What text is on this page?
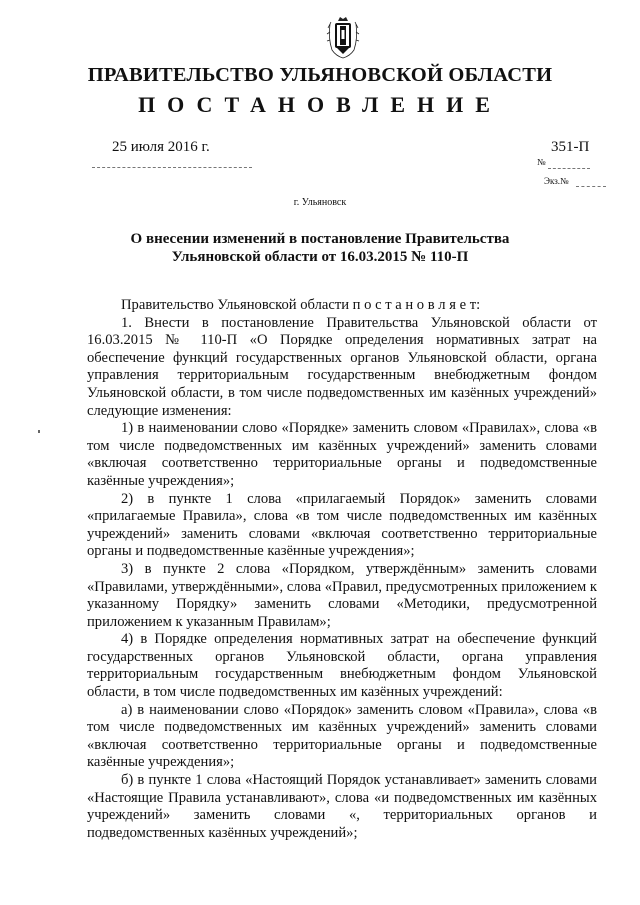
ПРАВИТЕЛЬСТВО УЛЬЯНОВСКОЙ ОБЛАСТИ
ПОСТАНОВЛЕНИЕ
25 июля 2016 г.	351-П
№
Экз.№
г. Ульяновск
О внесении изменений в постановление Правительства
Ульяновской области от 16.03.2015 № 110-П

Правительство Ульяновской области п о с т а н о в л я е т:

1. Внести в постановление Правительства Ульяновской области от 16.03.2015 № 110-П «О Порядке определения нормативных затрат на обеспечение функций государственных органов Ульяновской области, органа управления территориальным государственным внебюджетным фондом Ульяновской области, в том числе подведомственных им казённых учреждений» следующие изменения:

1) в наименовании слово «Порядке» заменить словом «Правилах», слова «в том числе подведомственных им казённых учреждений» заменить словами «включая соответственно территориальные органы и подведомственные казённые учреждения»;

2) в пункте 1 слова «прилагаемый Порядок» заменить словами «прилагаемые Правила», слова «в том числе подведомственных им казённых учреждений» заменить словами «включая соответственно территориальные органы и подведомственные казённые учреждения»;

3) в пункте 2 слова «Порядком, утверждённым» заменить словами «Правилами, утверждёнными», слова «Правил, предусмотренных приложением к указанному Порядку» заменить словами «Методики, предусмотренной приложением к указанным Правилам»;

4) в Порядке определения нормативных затрат на обеспечение функций государственных органов Ульяновской области, органа управления территориальным государственным внебюджетным фондом Ульяновской области, в том числе подведомственных им казённых учреждений:

а) в наименовании слово «Порядок» заменить словом «Правила», слова «в том числе подведомственных им казённых учреждений» заменить словами «включая соответственно территориальные органы и подведомственные казённые учреждения»;

б) в пункте 1 слова «Настоящий Порядок устанавливает» заменить словами «Настоящие Правила устанавливают», слова «и подведомственных им казённых учреждений» заменить словами «, территориальных органов и подведомственных казённых учреждений»;
